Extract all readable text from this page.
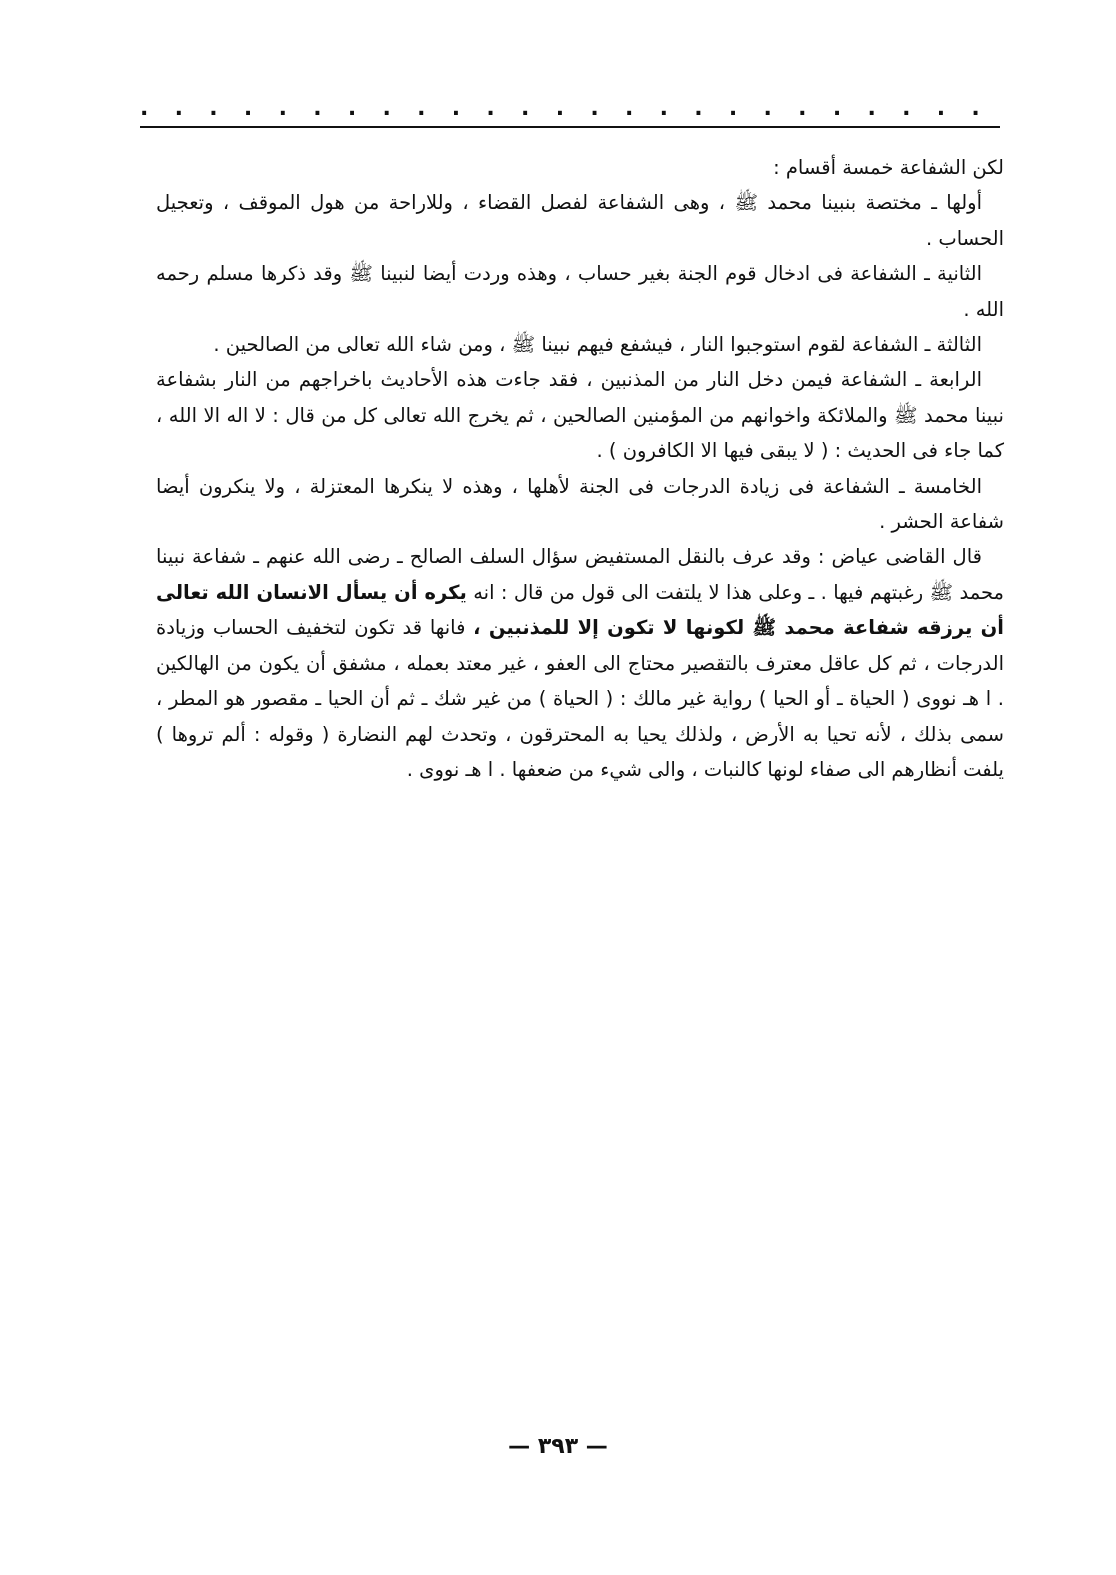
. . . . . . . . . . . . . . . . . . . . . . . . .

لكن الشفاعة خمسة أقسام :

أولها ـ مختصة بنبينا محمد ﷺ ، وهى الشفاعة لفصل القضاء ، وللاراحة من هول الموقف ، وتعجيل الحساب .

الثانية ـ الشفاعة فى ادخال قوم الجنة بغير حساب ، وهذه وردت أيضا لنبينا ﷺ وقد ذكرها مسلم رحمه الله .

الثالثة ـ الشفاعة لقوم استوجبوا النار ، فيشفع فيهم نبينا ﷺ ، ومن شاء الله تعالى من الصالحين .

الرابعة ـ الشفاعة فيمن دخل النار من المذنبين ، فقد جاءت هذه الأحاديث باخراجهم من النار بشفاعة نبينا محمد ﷺ والملائكة واخوانهم من المؤمنين الصالحين ، ثم يخرج الله تعالى كل من قال : لا اله الا الله ، كما جاء فى الحديث : ( لا يبقى فيها الا الكافرون ) .

الخامسة ـ الشفاعة فى زيادة الدرجات فى الجنة لأهلها ، وهذه لا ينكرها المعتزلة ، ولا ينكرون أيضا شفاعة الحشر .

قال القاضى عياض : وقد عرف بالنقل المستفيض سؤال السلف الصالح ـ رضى الله عنهم ـ شفاعة نبينا محمد ﷺ رغبتهم فيها . ـ وعلى هذا لا يلتفت الى قول من قال : انه يكره أن يسأل الانسان الله تعالى أن يرزقه شفاعة محمد ﷺ لكونها لا تكون إلا للمذنبين ، فانها قد تكون لتخفيف الحساب وزيادة الدرجات ، ثم كل عاقل معترف بالتقصير محتاج الى العفو ، غير معتد بعمله ، مشفق أن يكون من الهالكين . ا هـ نووى ( الحياة ـ أو الحيا ) رواية غير مالك : ( الحياة ) من غير شك ـ ثم أن الحيا ـ مقصور هو المطر ، سمى بذلك ، لأنه تحيا به الأرض ، ولذلك يحيا به المحترقون ، وتحدث لهم النضارة ( وقوله : ألم تروها ) يلفت أنظارهم الى صفاء لونها كالنبات ، والى شيء من ضعفها . ا هـ نووى .

— ٣٩٣ —
